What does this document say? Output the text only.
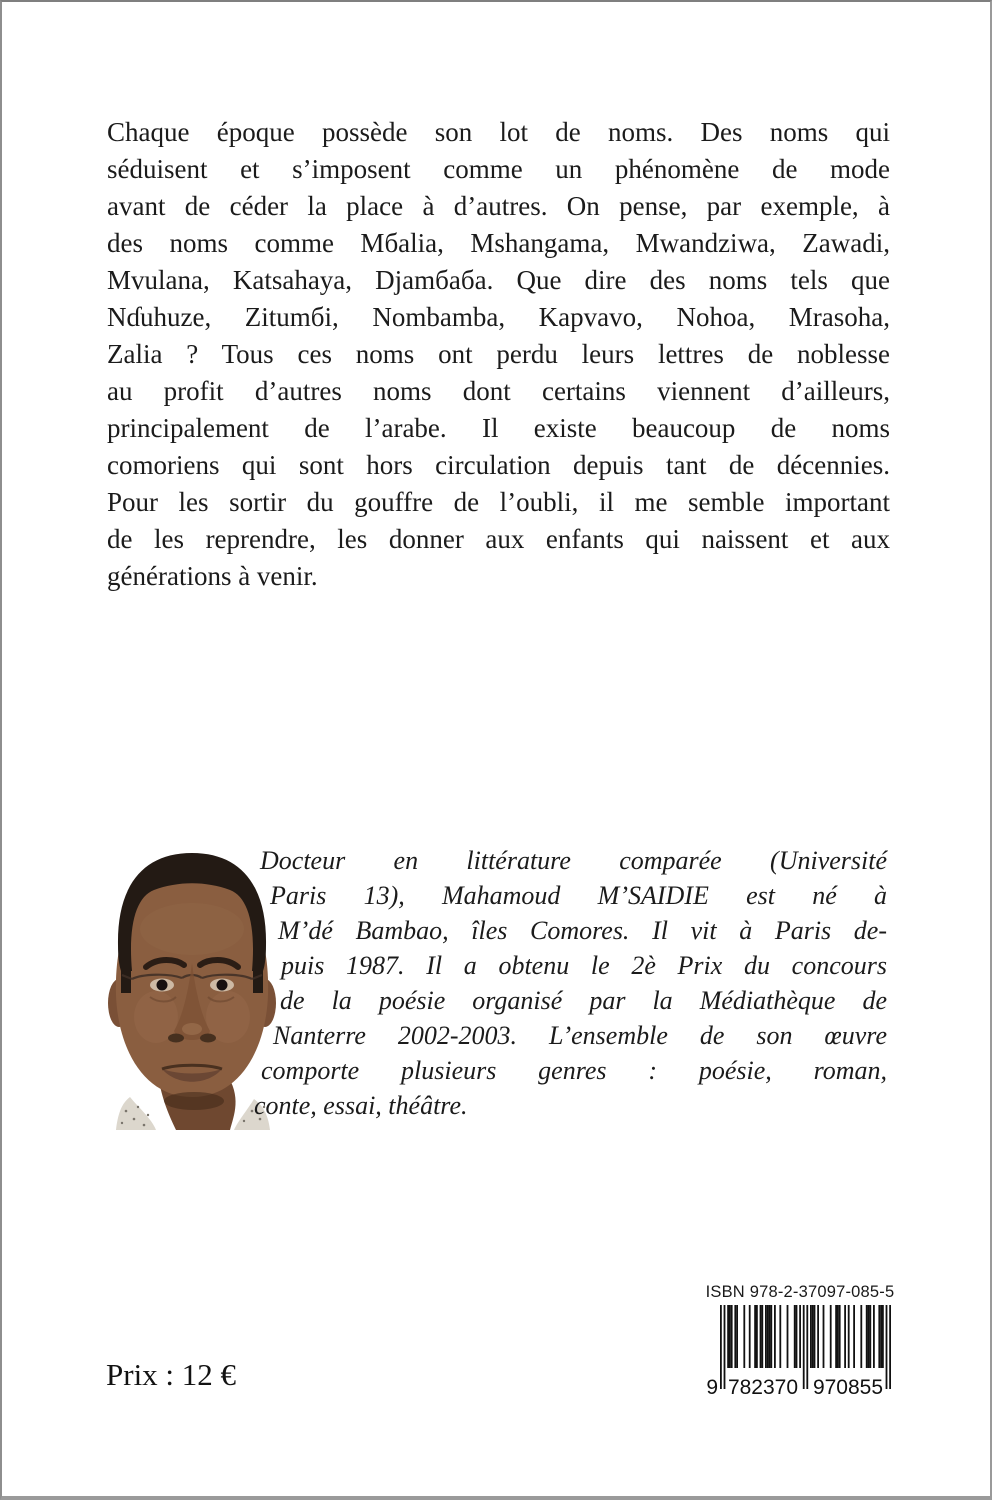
Chaque époque possède son lot de noms. Des noms qui
séduisent et s’imposent comme un phénomène de mode
avant de céder la place à d’autres. On pense, par exemple, à
des noms comme Mбalia, Mshangama, Mwandziwa, Zawadi,
Mvulana, Katsahaya, Djamбaбa. Que dire des noms tels que
Nɗuhuze, Zitumбi, Nombamba, Kapvavo, Nohoa, Mrasoha,
Zalia ? Tous ces noms ont perdu leurs lettres de noblesse
au profit d’autres noms dont certains viennent d’ailleurs,
principalement de l’arabe. Il existe beaucoup de noms
comoriens qui sont hors circulation depuis tant de décennies.
Pour les sortir du gouffre de l’oubli, il me semble important
de les reprendre, les donner aux enfants qui naissent et aux
générations à venir.
Docteur en littérature comparée (Université
Paris 13), Mahamoud M’SAIDIE est né à
M’dé Bambao, îles Comores. Il vit à Paris de-
puis 1987. Il a obtenu le 2è Prix du concours
de la poésie organisé par la Médiathèque de
Nanterre 2002-2003. L’ensemble de son œuvre
comporte plusieurs genres : poésie, roman,
conte, essai, théâtre.
Prix : 12 €
ISBN 978-2-37097-085-5
9 782370 970855
